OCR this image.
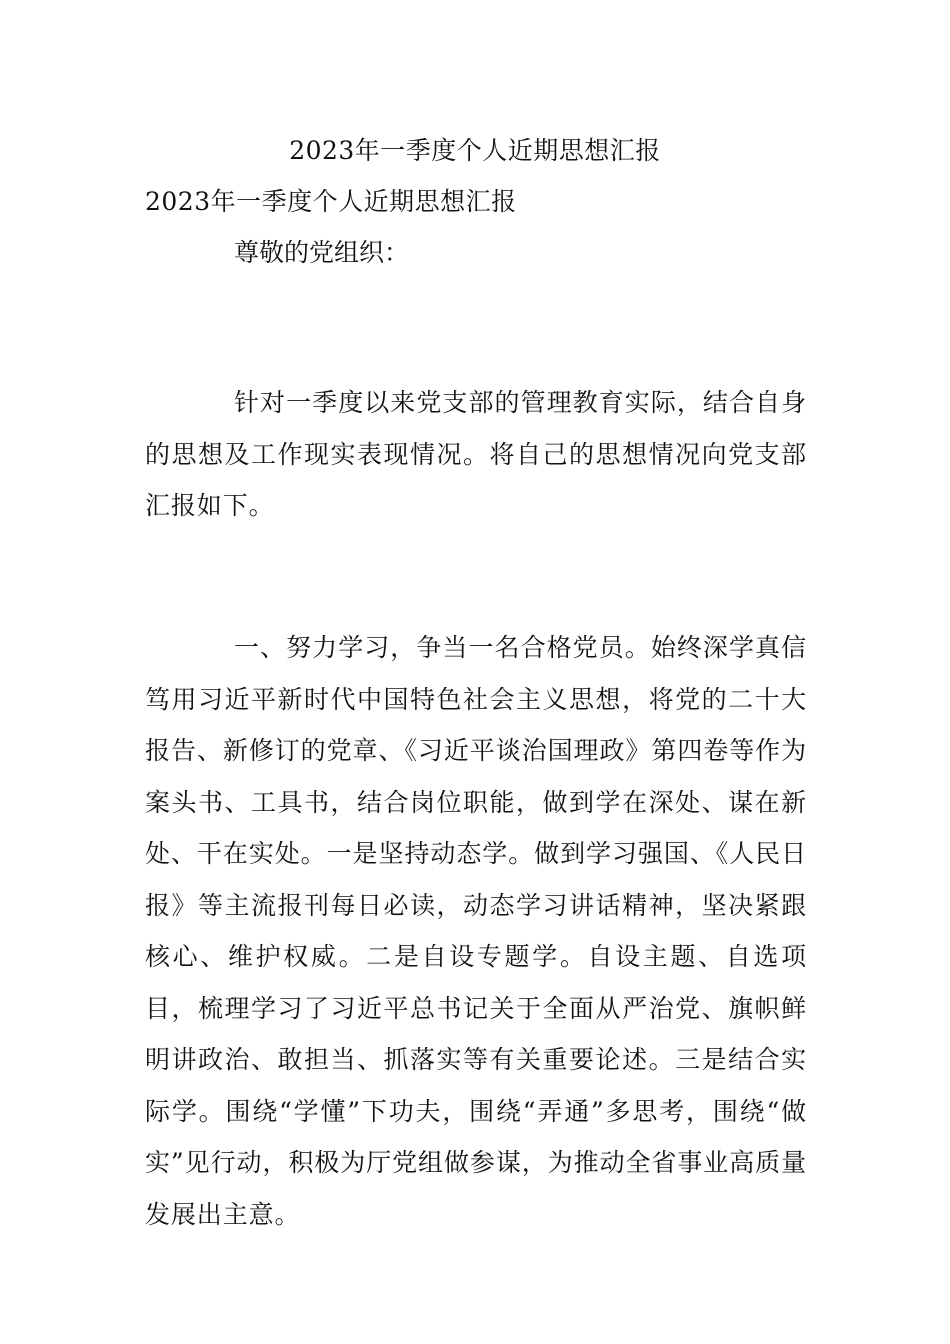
2023年一季度个人近期思想汇报
2023年一季度个人近期思想汇报
尊敬的党组织：

针对一季度以来党支部的管理教育实际，结合自身的思想及工作现实表现情况。将自己的思想情况向党支部汇报如下。

一、努力学习，争当一名合格党员。始终深学真信笃用习近平新时代中国特色社会主义思想，将党的二十大报告、新修订的党章、《习近平谈治国理政》第四卷等作为案头书、工具书，结合岗位职能，做到学在深处、谋在新处、干在实处。一是坚持动态学。做到学习强国、《人民日报》等主流报刊每日必读，动态学习讲话精神，坚决紧跟核心、维护权威。二是自设专题学。自设主题、自选项目，梳理学习了习近平总书记关于全面从严治党、旗帜鲜明讲政治、敢担当、抓落实等有关重要论述。三是结合实际学。围绕“学懂”下功夫，围绕“弄通”多思考，围绕“做实”见行动，积极为厅党组做参谋，为推动全省事业高质量发展出主意。
